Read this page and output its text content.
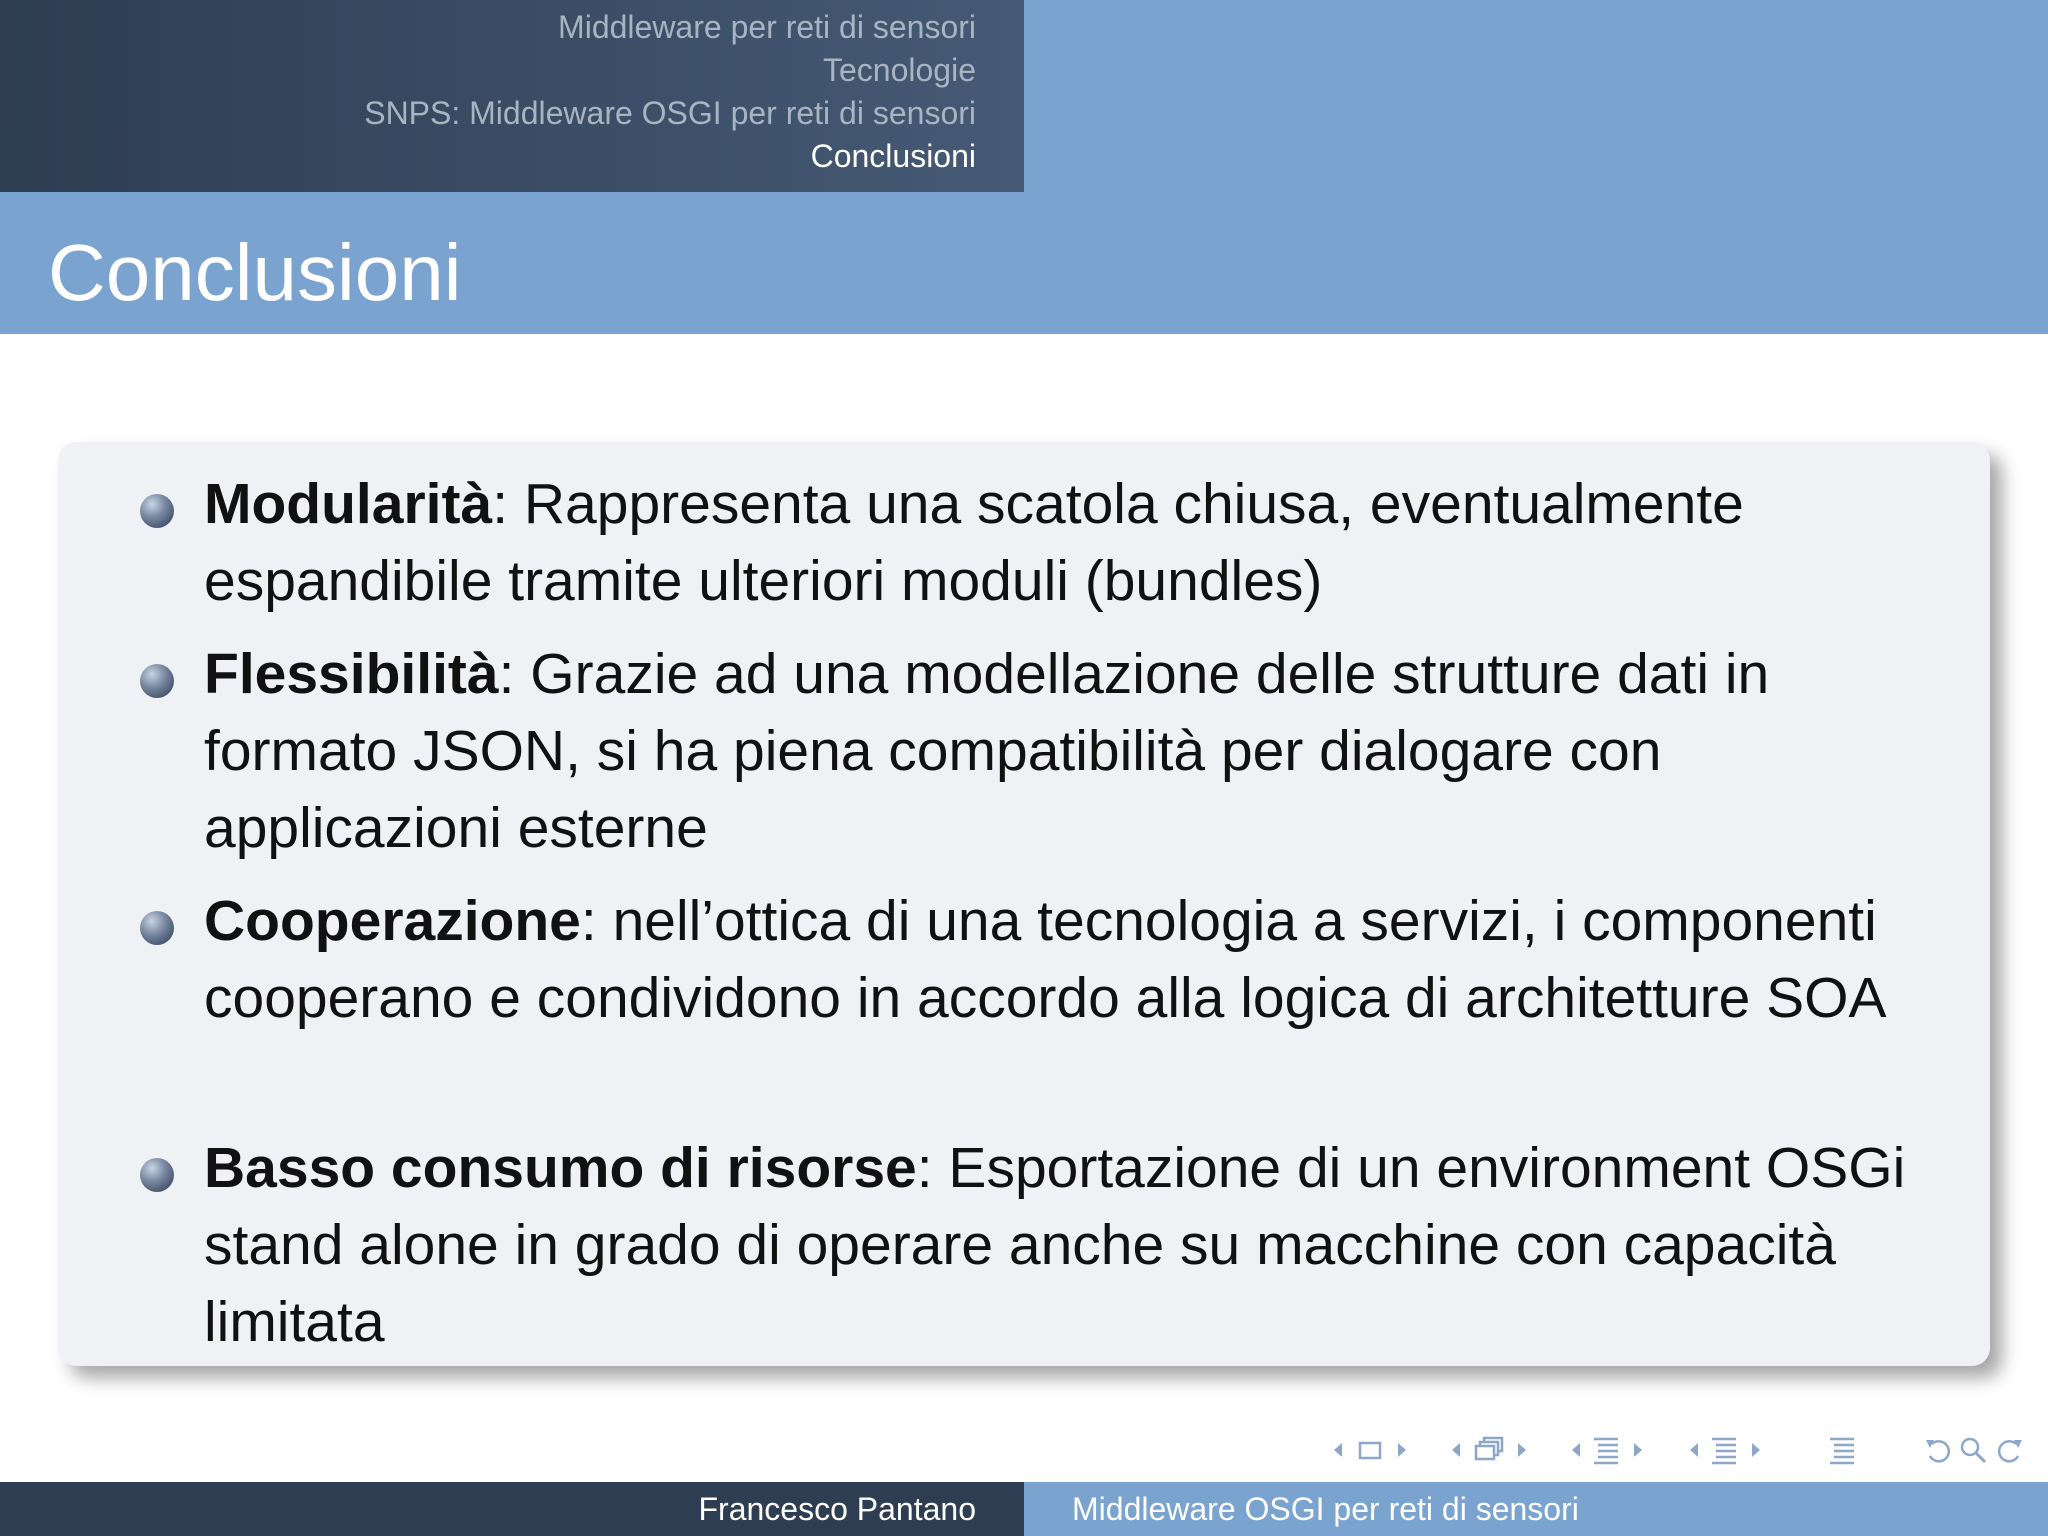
Middleware per reti di sensori
Tecnologie
SNPS: Middleware OSGI per reti di sensori
Conclusioni
Conclusioni
Modularità: Rappresenta una scatola chiusa, eventualmente espandibile tramite ulteriori moduli (bundles)
Flessibilità: Grazie ad una modellazione delle strutture dati in formato JSON, si ha piena compatibilità per dialogare con applicazioni esterne
Cooperazione: nell’ottica di una tecnologia a servizi, i componenti cooperano e condividono in accordo alla logica di architetture SOA
Basso consumo di risorse: Esportazione di un environment OSGi stand alone in grado di operare anche su macchine con capacità limitata
Francesco Pantano	Middleware OSGI per reti di sensori
